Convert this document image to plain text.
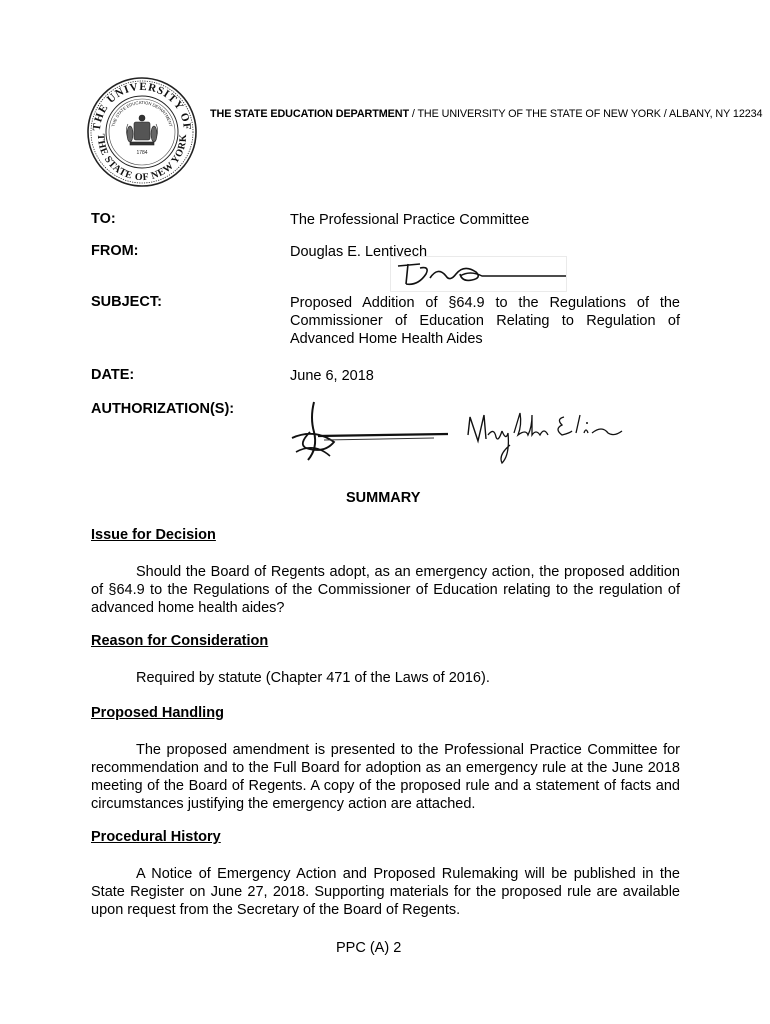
THE UNIVERSITY OF
THE STATE OF NEW YORK
THE STATE EDUCATION DEPARTMENT
1784
THE STATE EDUCATION DEPARTMENT / THE UNIVERSITY OF THE STATE OF NEW YORK / ALBANY, NY 12234
TO:	The Professional Practice Committee
FROM:	Douglas E. Lentivech
SUBJECT:	Proposed Addition of §64.9 to the Regulations of the Commissioner of Education Relating to Regulation of Advanced Home Health Aides
DATE:	June 6, 2018
AUTHORIZATION(S):
SUMMARY
Issue for Decision
Should the Board of Regents adopt, as an emergency action, the proposed addition of §64.9 to the Regulations of the Commissioner of Education relating to the regulation of advanced home health aides?
Reason for Consideration
Required by statute (Chapter 471 of the Laws of 2016).
Proposed Handling
The proposed amendment is presented to the Professional Practice Committee for recommendation and to the Full Board for adoption as an emergency rule at the June 2018 meeting of the Board of Regents. A copy of the proposed rule and a statement of facts and circumstances justifying the emergency action are attached.
Procedural History
A Notice of Emergency Action and Proposed Rulemaking will be published in the State Register on June 27, 2018. Supporting materials for the proposed rule are available upon request from the Secretary of the Board of Regents.
PPC (A) 2
